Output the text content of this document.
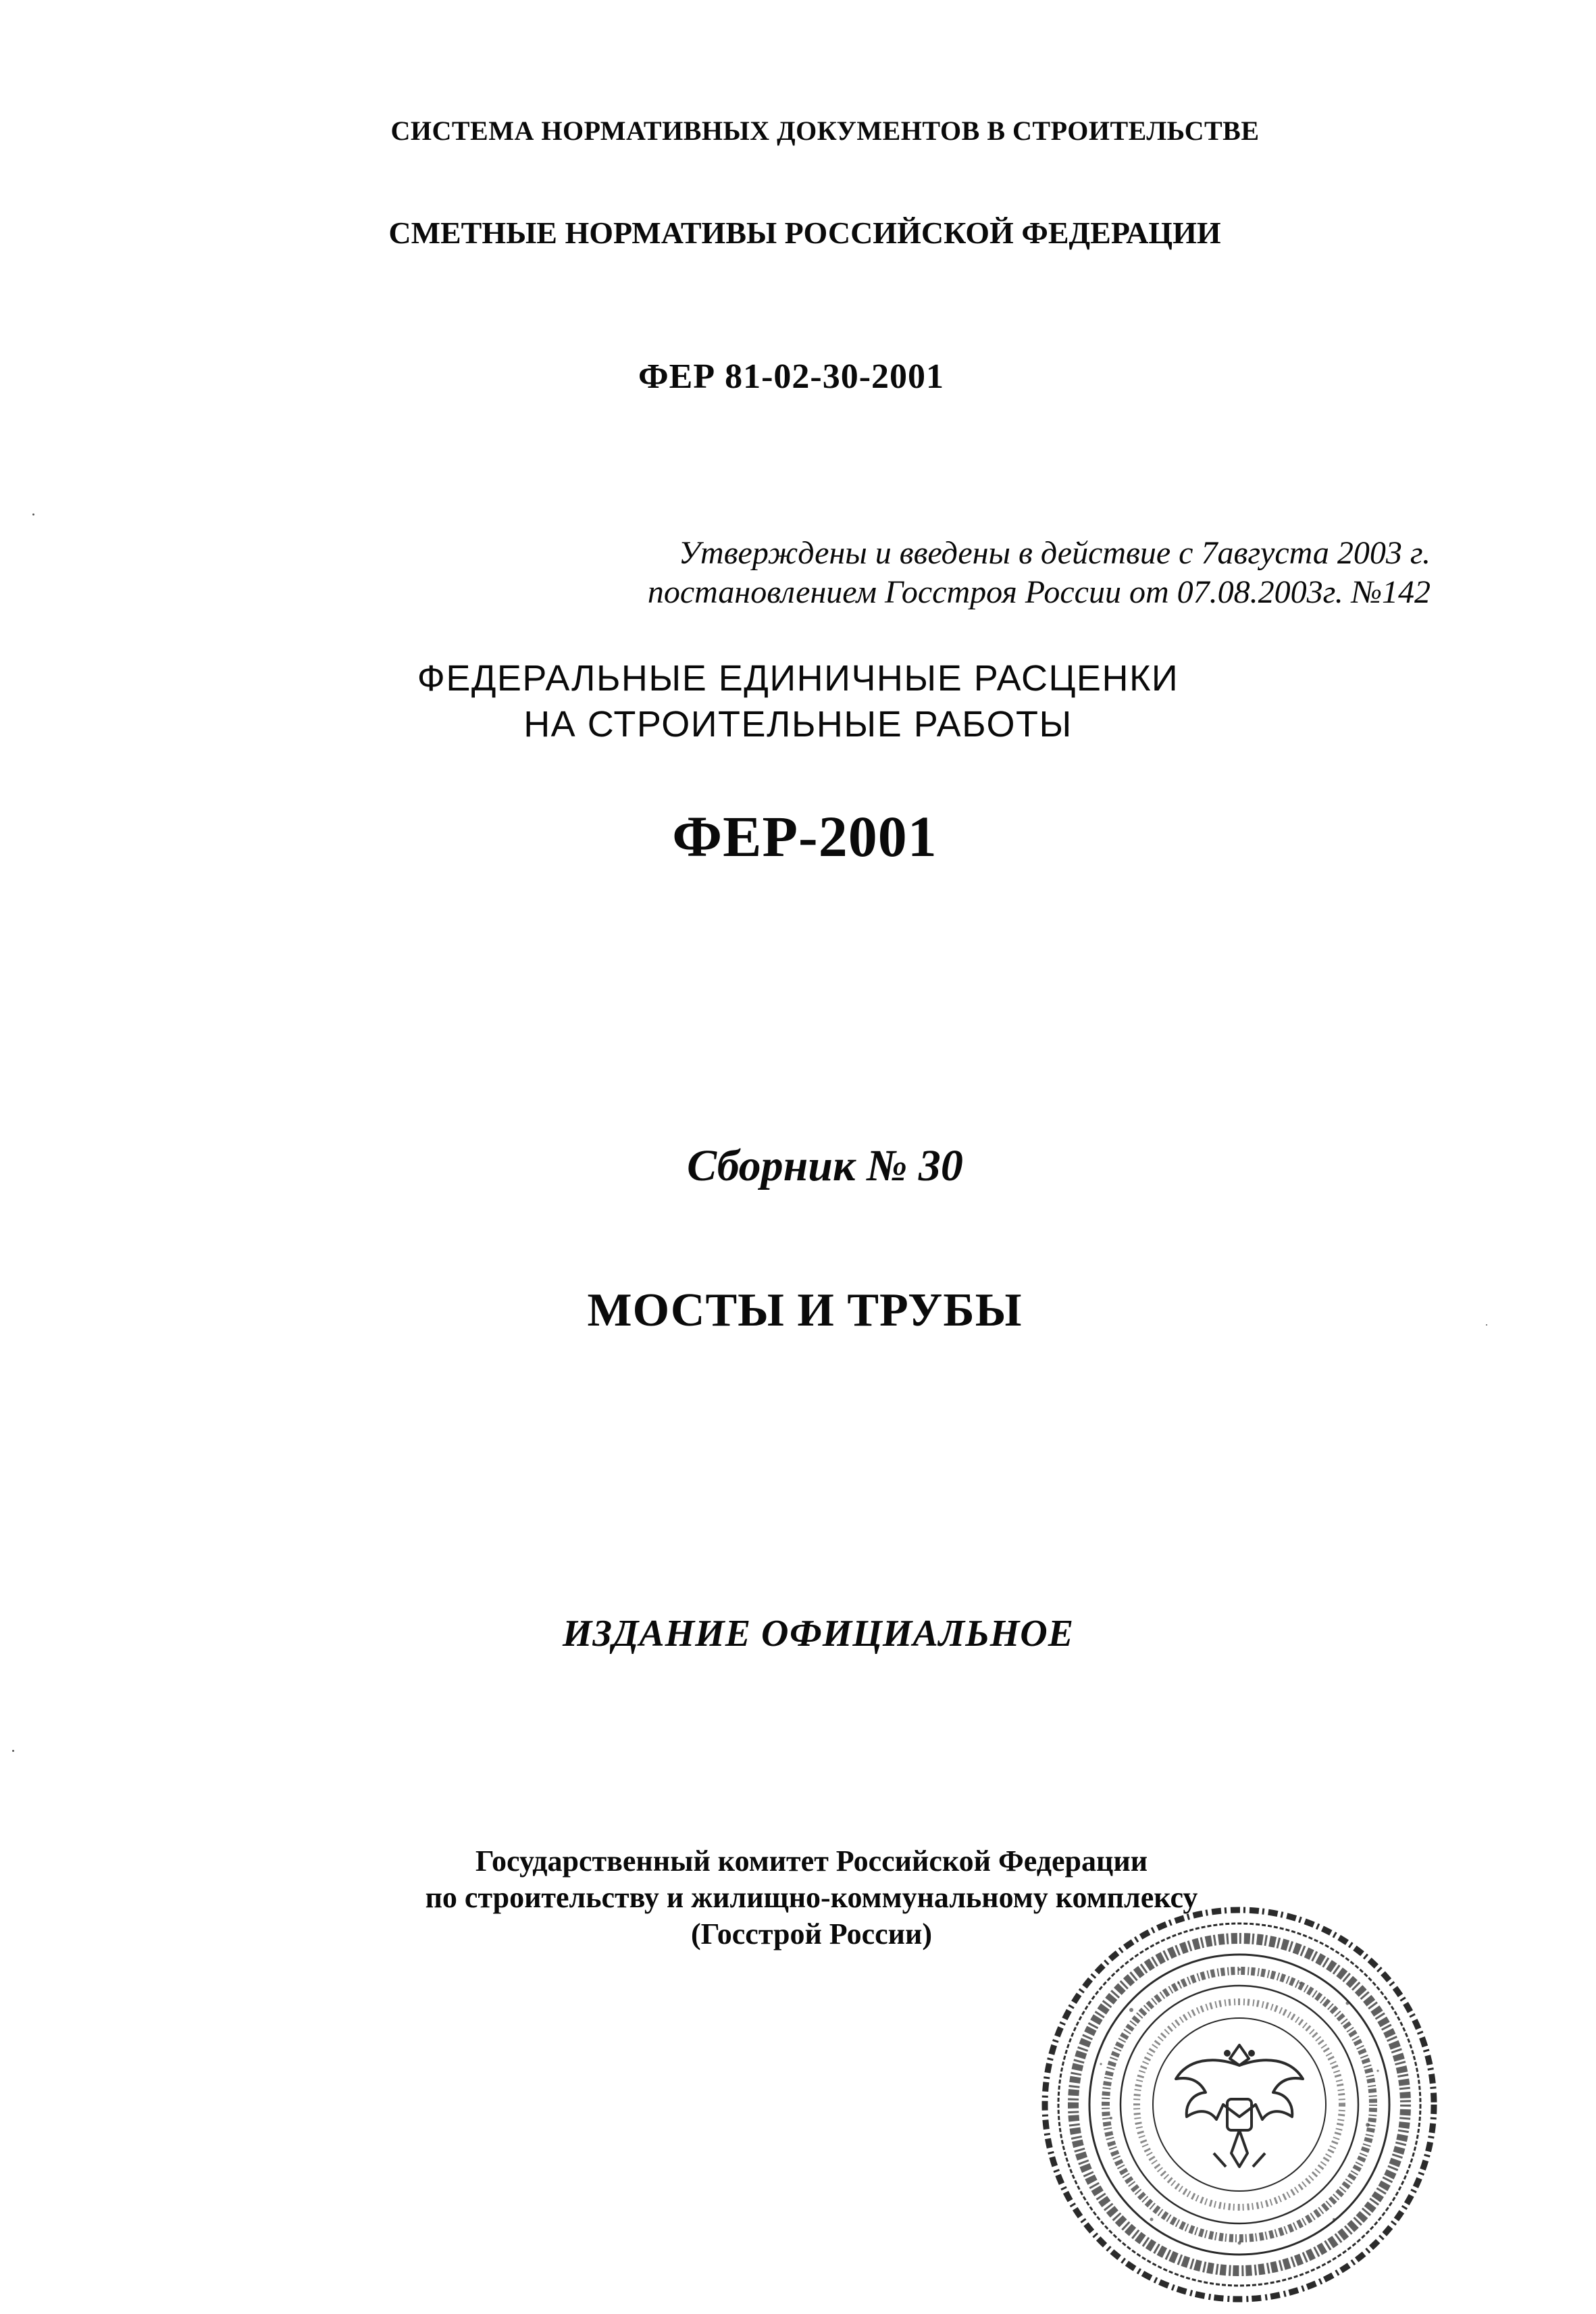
СИСТЕМА НОРМАТИВНЫХ ДОКУМЕНТОВ В СТРОИТЕЛЬСТВЕ
СМЕТНЫЕ НОРМАТИВЫ РОССИЙСКОЙ ФЕДЕРАЦИИ
ФЕР 81-02-30-2001
Утверждены и введены в действие с 7августа 2003 г.
постановлением Госстроя России от 07.08.2003г. №142
ФЕДЕРАЛЬНЫЕ ЕДИНИЧНЫЕ РАСЦЕНКИ
НА СТРОИТЕЛЬНЫЕ РАБОТЫ
ФЕР-2001
Сборник № 30
МОСТЫ И ТРУБЫ
ИЗДАНИЕ ОФИЦИАЛЬНОЕ
Государственный комитет Российской Федерации
по строительству и жилищно-коммунальному комплексу
(Госстрой России)
